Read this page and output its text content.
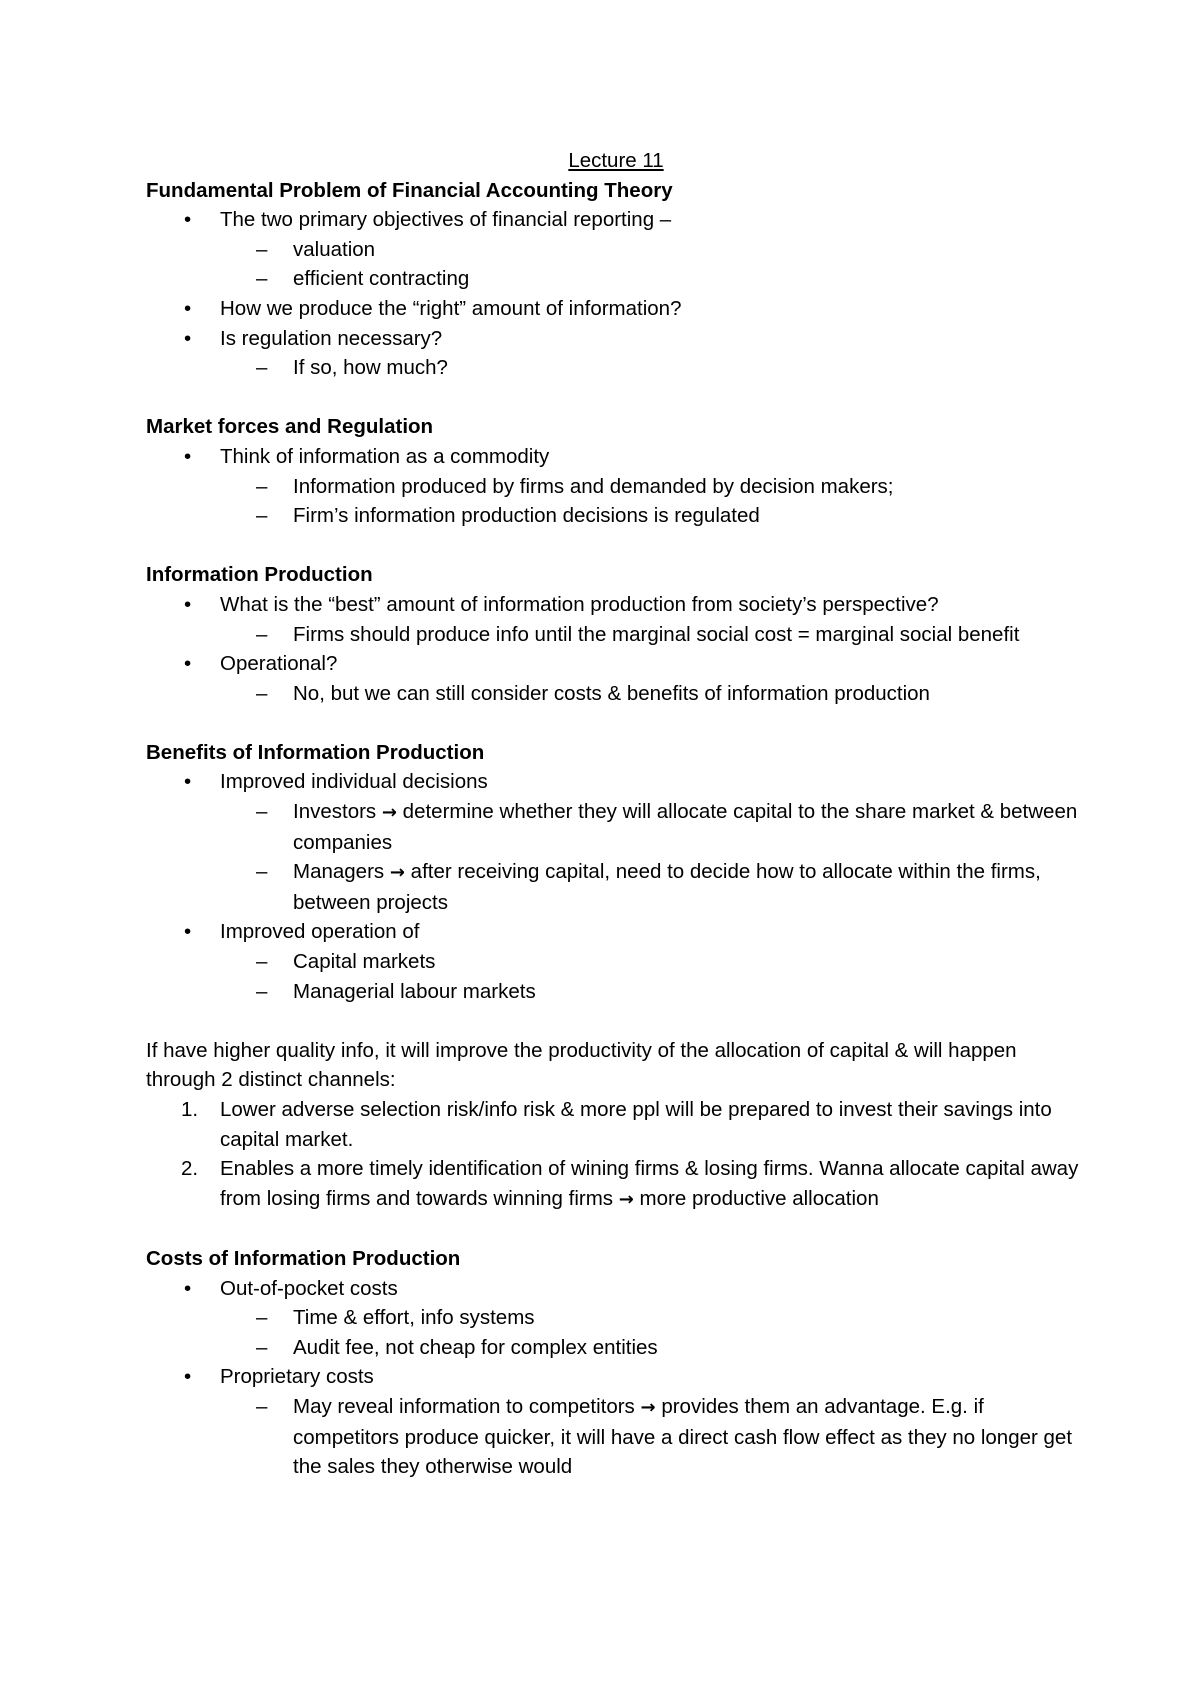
Lecture 11

Fundamental Problem of Financial Accounting Theory

• The two primary objectives of financial reporting –
– valuation
– efficient contracting
• How we produce the “right” amount of information?
• Is regulation necessary?
– If so, how much?

Market forces and Regulation

• Think of information as a commodity
– Information produced by firms and demanded by decision makers;
– Firm’s information production decisions is regulated

Information Production

• What is the “best” amount of information production from society’s perspective?
– Firms should produce info until the marginal social cost = marginal social benefit
• Operational?
– No, but we can still consider costs & benefits of information production

Benefits of Information Production

• Improved individual decisions
– Investors → determine whether they will allocate capital to the share market & between companies
– Managers → after receiving capital, need to decide how to allocate within the firms, between projects
• Improved operation of
– Capital markets
– Managerial labour markets

If have higher quality info, it will improve the productivity of the allocation of capital & will happen through 2 distinct channels:

1. Lower adverse selection risk/info risk & more ppl will be prepared to invest their savings into capital market.
2. Enables a more timely identification of wining firms & losing firms. Wanna allocate capital away from losing firms and towards winning firms → more productive allocation

Costs of Information Production

• Out-of-pocket costs
– Time & effort, info systems
– Audit fee, not cheap for complex entities
• Proprietary costs
– May reveal information to competitors → provides them an advantage. E.g. if competitors produce quicker, it will have a direct cash flow effect as they no longer get the sales they otherwise would
